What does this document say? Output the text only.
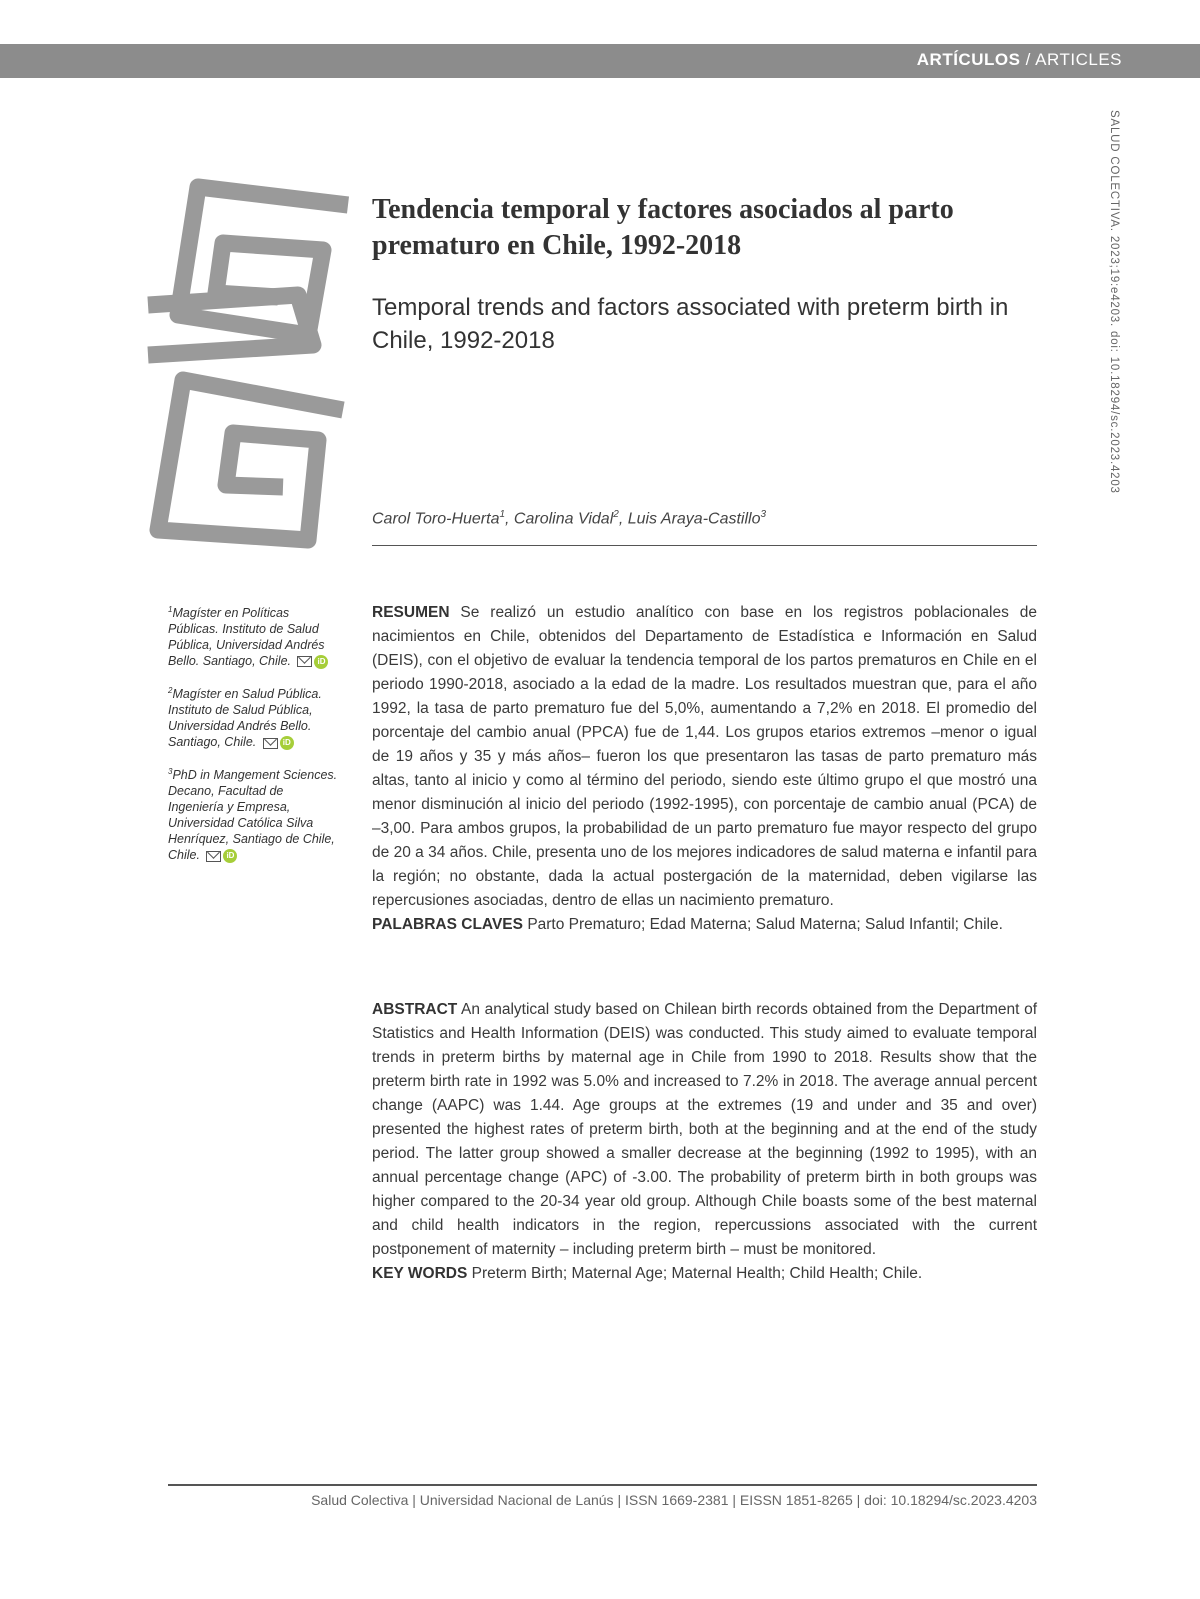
ARTÍCULOS / ARTICLES
SALUD COLECTIVA. 2023;19:e4203. doi: 10.18294/sc.2023.4203
Tendencia temporal y factores asociados al parto prematuro en Chile, 1992-2018
Temporal trends and factors associated with preterm birth in Chile, 1992-2018
Carol Toro-Huerta$^1$, Carolina Vidal$^2$, Luis Araya-Castillo$^3$
$^1$Magíster en Políticas Públicas. Instituto de Salud Pública, Universidad Andrés Bello. Santiago, Chile.	iD
$^2$Magíster en Salud Pública. Instituto de Salud Pública, Universidad Andrés Bello. Santiago, Chile.	iD
$^3$PhD in Mangement Sciences. Decano, Facultad de Ingeniería y Empresa, Universidad Católica Silva Henríquez, Santiago de Chile, Chile.	iD

RESUMEN Se realizó un estudio analítico con base en los registros poblacionales de nacimientos en Chile, obtenidos del Departamento de Estadística e Información en Salud (DEIS), con el objetivo de evaluar la tendencia temporal de los partos prematuros en Chile en el periodo 1990-2018, asociado a la edad de la madre. Los resultados muestran que, para el año 1992, la tasa de parto prematuro fue del 5,0%, aumentando a 7,2% en 2018. El promedio del porcentaje del cambio anual (PPCA) fue de 1,44. Los grupos etarios extremos –menor o igual de 19 años y 35 y más años– fueron los que presentaron las tasas de parto prematuro más altas, tanto al inicio y como al término del periodo, siendo este último grupo el que mostró una menor disminución al inicio del periodo (1992-1995), con porcentaje de cambio anual (PCA) de –3,00. Para ambos grupos, la probabilidad de un parto prematuro fue mayor respecto del grupo de 20 a 34 años. Chile, presenta uno de los mejores indicadores de salud materna e infantil para la región; no obstante, dada la actual postergación de la maternidad, deben vigilarse las repercusiones asociadas, dentro de ellas un nacimiento prematuro.

PALABRAS CLAVES Parto Prematuro; Edad Materna; Salud Materna; Salud Infantil; Chile.

ABSTRACT An analytical study based on Chilean birth records obtained from the Department of Statistics and Health Information (DEIS) was conducted. This study aimed to evaluate temporal trends in preterm births by maternal age in Chile from 1990 to 2018. Results show that the preterm birth rate in 1992 was 5.0% and increased to 7.2% in 2018. The average annual percent change (AAPC) was 1.44. Age groups at the extremes (19 and under and 35 and over) presented the highest rates of preterm birth, both at the beginning and at the end of the study period. The latter group showed a smaller decrease at the beginning (1992 to 1995), with an annual percentage change (APC) of -3.00. The probability of preterm birth in both groups was higher compared to the 20-34 year old group. Although Chile boasts some of the best maternal and child health indicators in the region, repercussions associated with the current postponement of maternity – including preterm birth – must be monitored.

KEY WORDS Preterm Birth; Maternal Age; Maternal Health; Child Health; Chile.

Salud Colectiva | Universidad Nacional de Lanús | ISSN 1669-2381 | EISSN 1851-8265 | doi: 10.18294/sc.2023.4203
